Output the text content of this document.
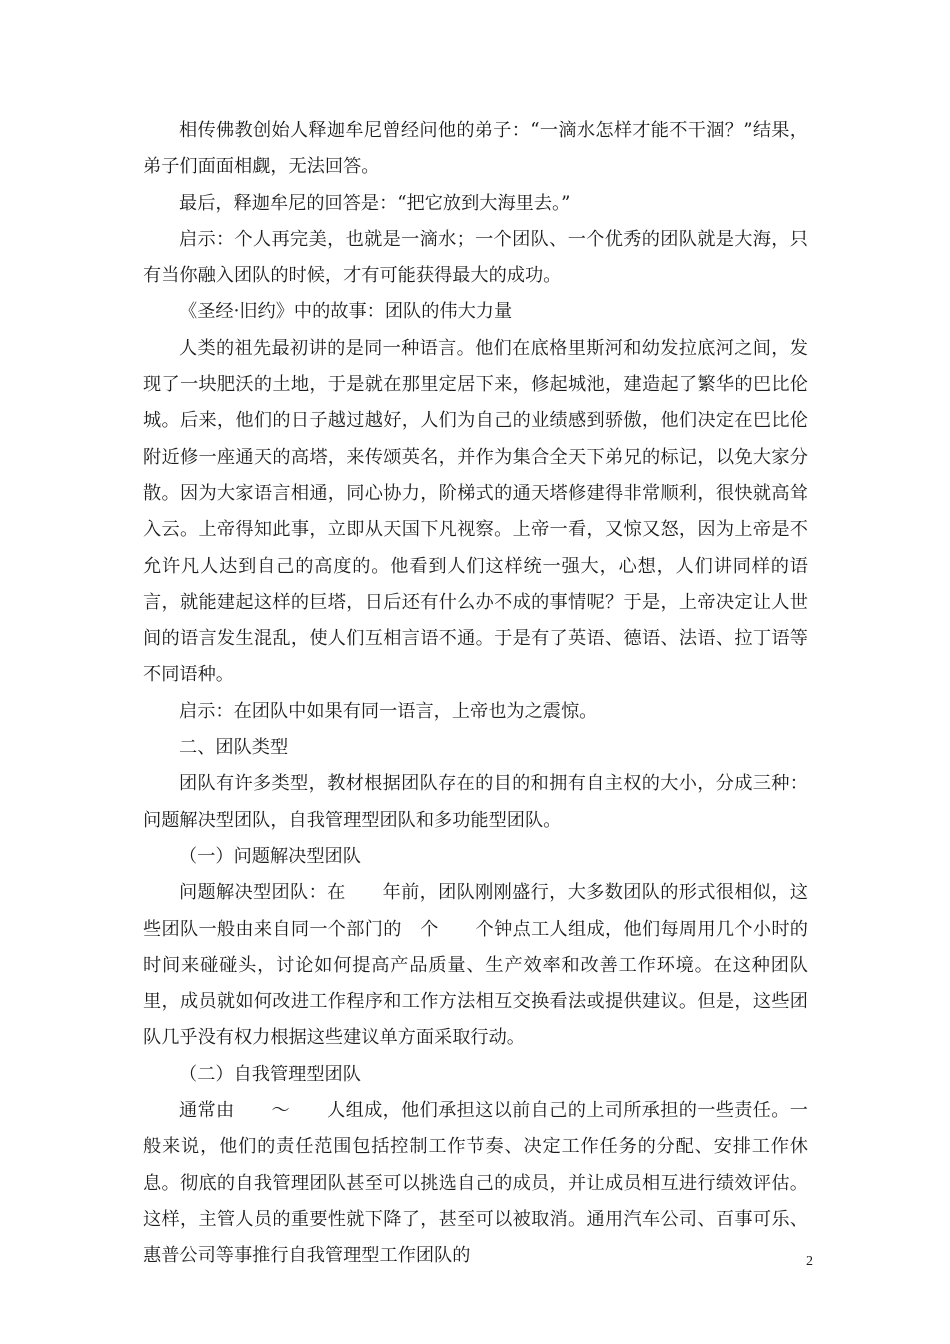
相传佛教创始人释迦牟尼曾经问他的弟子：“一滴水怎样才能不干涸？”结果，弟子们面面相觑，无法回答。

最后，释迦牟尼的回答是：“把它放到大海里去。”

启示：个人再完美，也就是一滴水；一个团队、一个优秀的团队就是大海，只有当你融入团队的时候，才有可能获得最大的成功。

《圣经·旧约》中的故事：团队的伟大力量

人类的祖先最初讲的是同一种语言。他们在底格里斯河和幼发拉底河之间，发现了一块肥沃的土地，于是就在那里定居下来，修起城池，建造起了繁华的巴比伦城。后来，他们的日子越过越好，人们为自己的业绩感到骄傲，他们决定在巴比伦附近修一座通天的高塔，来传颂英名，并作为集合全天下弟兄的标记，以免大家分散。因为大家语言相通，同心协力，阶梯式的通天塔修建得非常顺利，很快就高耸入云。上帝得知此事，立即从天国下凡视察。上帝一看，又惊又怒，因为上帝是不允许凡人达到自己的高度的。他看到人们这样统一强大，心想，人们讲同样的语言，就能建起这样的巨塔，日后还有什么办不成的事情呢？于是，上帝决定让人世间的语言发生混乱，使人们互相言语不通。于是有了英语、德语、法语、拉丁语等不同语种。

启示：在团队中如果有同一语言，上帝也为之震惊。

二、团队类型

团队有许多类型，教材根据团队存在的目的和拥有自主权的大小，分成三种：问题解决型团队，自我管理型团队和多功能型团队。

（一）问题解决型团队

问题解决型团队：在　　年前，团队刚刚盛行，大多数团队的形式很相似，这些团队一般由来自同一个部门的　个　　个钟点工人组成，他们每周用几个小时的时间来碰碰头，讨论如何提高产品质量、生产效率和改善工作环境。在这种团队里，成员就如何改进工作程序和工作方法相互交换看法或提供建议。但是，这些团队几乎没有权力根据这些建议单方面采取行动。

（二）自我管理型团队

通常由　　～　　人组成，他们承担这以前自己的上司所承担的一些责任。一般来说，他们的责任范围包括控制工作节奏、决定工作任务的分配、安排工作休息。彻底的自我管理团队甚至可以挑选自己的成员，并让成员相互进行绩效评估。这样，主管人员的重要性就下降了，甚至可以被取消。通用汽车公司、百事可乐、惠普公司等事推行自我管理型工作团队的	2
